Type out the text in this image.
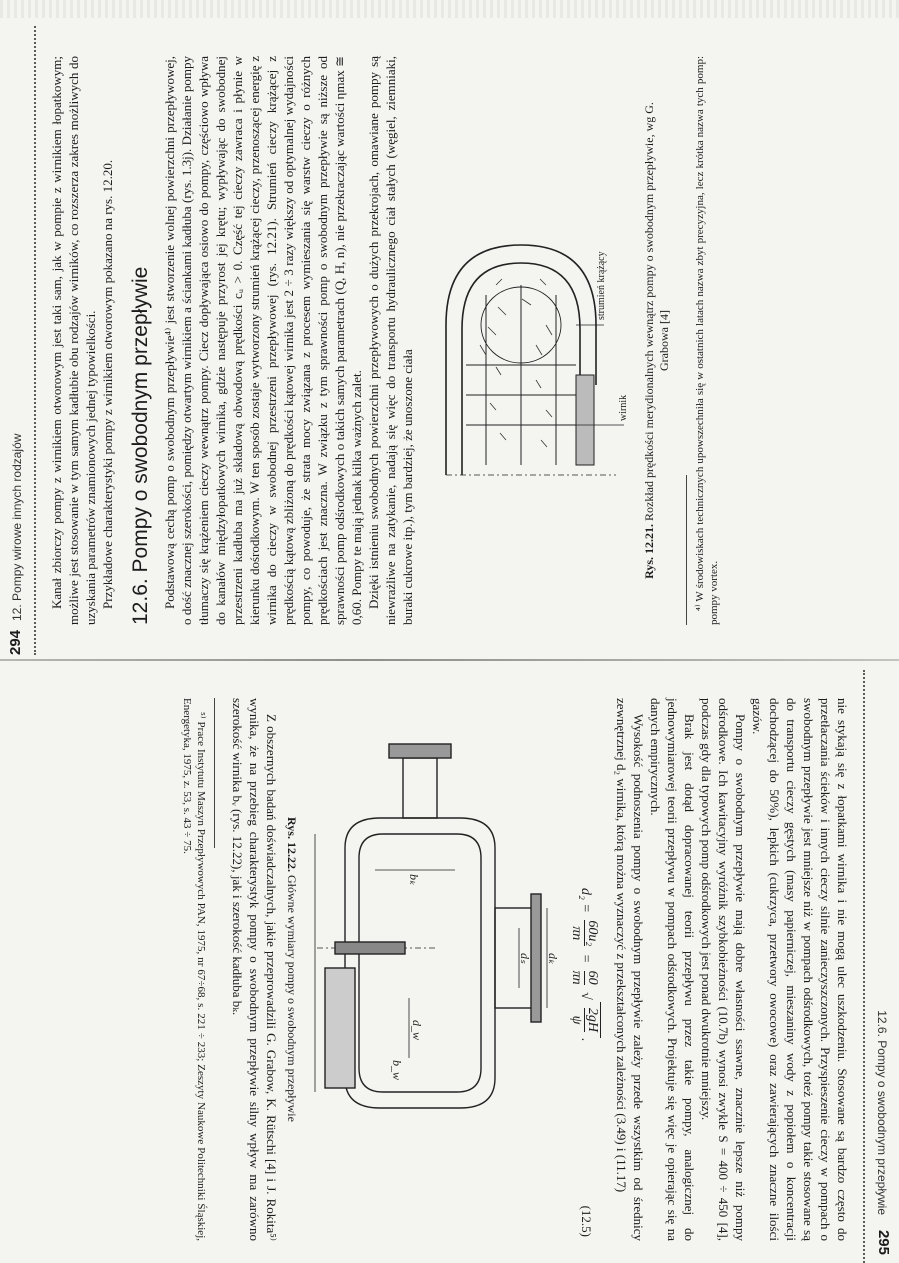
294
12. Pompy wirowe innych rodzajów Kanał zbiorczy pompy z wirnikiem otworowym jest taki sam, jak w pompie z wirnikiem łopatkowym; możliwe jest stosowanie w tym samym kadłubie obu rodzajów wirników, co rozszerza zakres możliwych do uzyskania parametrów znamionowych jednej typowielkości. Przykładowe charakterystyki pompy z wirnikiem otworowym pokazano na rys. 12.20. 12.6. Pompy o swobodnym przepływie Podstawową cechą pomp o swobodnym przepływie⁴⁾ jest stworzenie wolnej powierzchni przepływowej, o dość znacznej szerokości, pomiędzy otwartym wirnikiem a ściankami kadłuba (rys. 1.3j). Działanie pompy tłumaczy się krążeniem cieczy wewnątrz pompy. Ciecz dopływająca osiowo do pompy, częściowo wpływa do kanałów międzyłopatkowych wirnika, gdzie następuje przyrost jej krętu; wypływając do swobodnej przestrzeni kadłuba ma już składową obwodową prędkości cᵤ > 0. Część tej cieczy zawraca i płynie w kierunku dośrodkowym. W ten sposób zostaje wytworzony strumień krążącej cieczy, przenoszącej energię z wirnika do cieczy w swobodnej przestrzeni przepływowej (rys. 12.21). Strumień cieczy krążącej z prędkością kątową zbliżoną do prędkości kątowej wirnika jest 2 ÷ 3 razy większy od optymalnej wydajności pompy, co powoduje, że strata mocy związana z procesem wymieszania się warstw cieczy o różnych prędkościach jest znaczna. W związku z tym sprawności pomp o swobodnym przepływie są niższe od sprawności pomp odśrodkowych o takich samych parametrach (Q, H, n), nie przekraczając wartości ηmax ≅ 0,60. Pompy te mają jednak kilka ważnych zalet. Dzięki istnieniu swobodnych powierzchni przepływowych o dużych przekrojach, omawiane pompy są niewrażliwe na zatykanie, nadają się więc do transportu hydraulicznego ciał stałych (węgiel, ziemniaki, buraki cukrowe itp.), tym bardziej, że unoszone ciała

strumień krążący
wirnik
Rys. 12.21. Rozkład prędkości merydionalnych wewnątrz pompy o swobodnym przepływie, wg G. Grabowa [4] ⁴⁾ W środowiskach technicznych upowszechniła się w ostatnich latach nazwa zbyt precyzyjna, lecz krótka nazwa tych pomp: pompy vortex.

12.6. Pompy o swobodnym przepływie
295

nie stykają się z łopatkami wirnika i nie mogą ulec uszkodzeniu. Stosowane są bardzo często do przetłaczania ścieków i innych cieczy silnie zanieczyszczonych. Przyspieszenie cieczy w pompach o swobodnym przepływie jest mniejsze niż w pompach odśrodkowych, toteż pompy takie stosowane są do transportu cieczy gęstych (masy papierniczej, mieszaniny wody z popiołem o koncentracji dochodzącej do 50%), lepkich (cukrzyca, przetwory owocowe) oraz zawierających znaczne ilości gazów.

Pompy o swobodnym przepływie mają dobre własności ssawne, znacznie lepsze niż pompy odśrodkowe. Ich kawitacyjny wyróżnik szybkobieżności (10.7b) wynosi zwykle S = 400 ÷ 450 [4], podczas gdy dla typowych pomp odśrodkowych jest ponad dwukrotnie mniejszy.

Brak jest dotąd dopracowanej teorii przepływu przez takie pompy, analogicznej do jednowymiarowej teorii przepływu w pompach odśrodkowych. Projektuje się więc je opierając się na danych empirycznych.

Wysokość podnoszenia pompy o swobodnym przepływie zależy przede wszystkim od średnicy zewnętrznej d₂ wirnika, którą można wyznaczyć z przekształconych zależności (3.49) i (11.17)

d₂ =
60u₂
πn
=
60
πn
√
2gH
ψ
.
(12.5)
dₖ
dₛ
bₖ
d_w
b_w
Rys. 12.22. Główne wymiary pompy o swobodnym przepływie

Z obszernych badań doświadczalnych, jakie przeprowadzili G. Grabow, K. Rütschi [4] i J. Rokita⁵⁾ wynika, że na przebieg charakterystyk pompy o swobodnym przepływie silny wpływ ma zarówno szerokość wirnika bᵥ (rys. 12.22), jak i szerokość kadłuba bₖ.

⁵⁾ Prace Instytutu Maszyn Przepływowych PAN, 1975, nr 67÷68, s. 221 ÷ 233; Zeszyty Naukowe Politechniki Śląskiej, Energetyka, 1975, z. 53, s. 43 ÷ 75.
